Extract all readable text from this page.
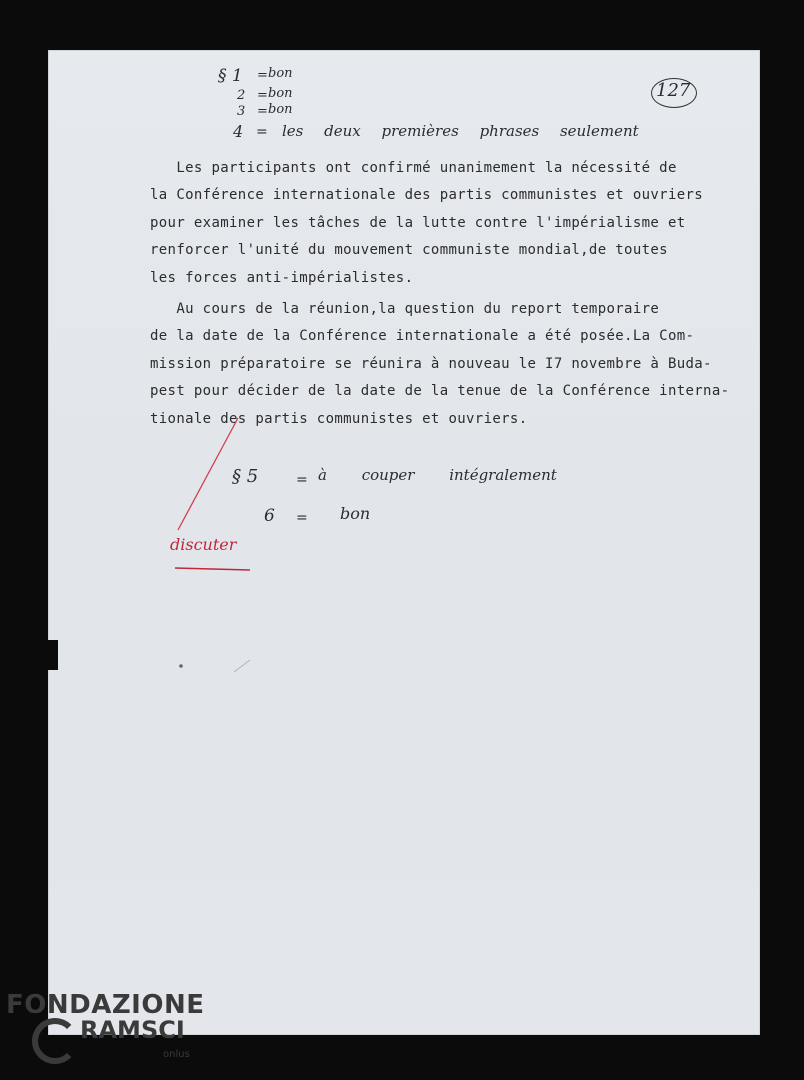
127
§ 1 = bon
2 = bon
3 = bon
4 = les deux premières phrases seulement

Les participants ont confirmé unanimement la nécessité de

la Conférence internationale des partis communistes et ouvriers

pour examiner les tâches de la lutte contre l'impérialisme et

renforcer l'unité du mouvement communiste mondial,de toutes

les forces anti-impérialistes.

Au cours de la réunion,la question du report temporaire

de la date de la Conférence internationale a été posée.La Com-

mission préparatoire se réunira à nouveau le I7 novembre à Buda-

pest pour décider de la date de la tenue de la Conférence interna-

tionale des partis communistes et ouvriers.

§ 5	= à couper intégralement
6 = bon
discuter
FONDAZIONE
RAMSCI
onlus
